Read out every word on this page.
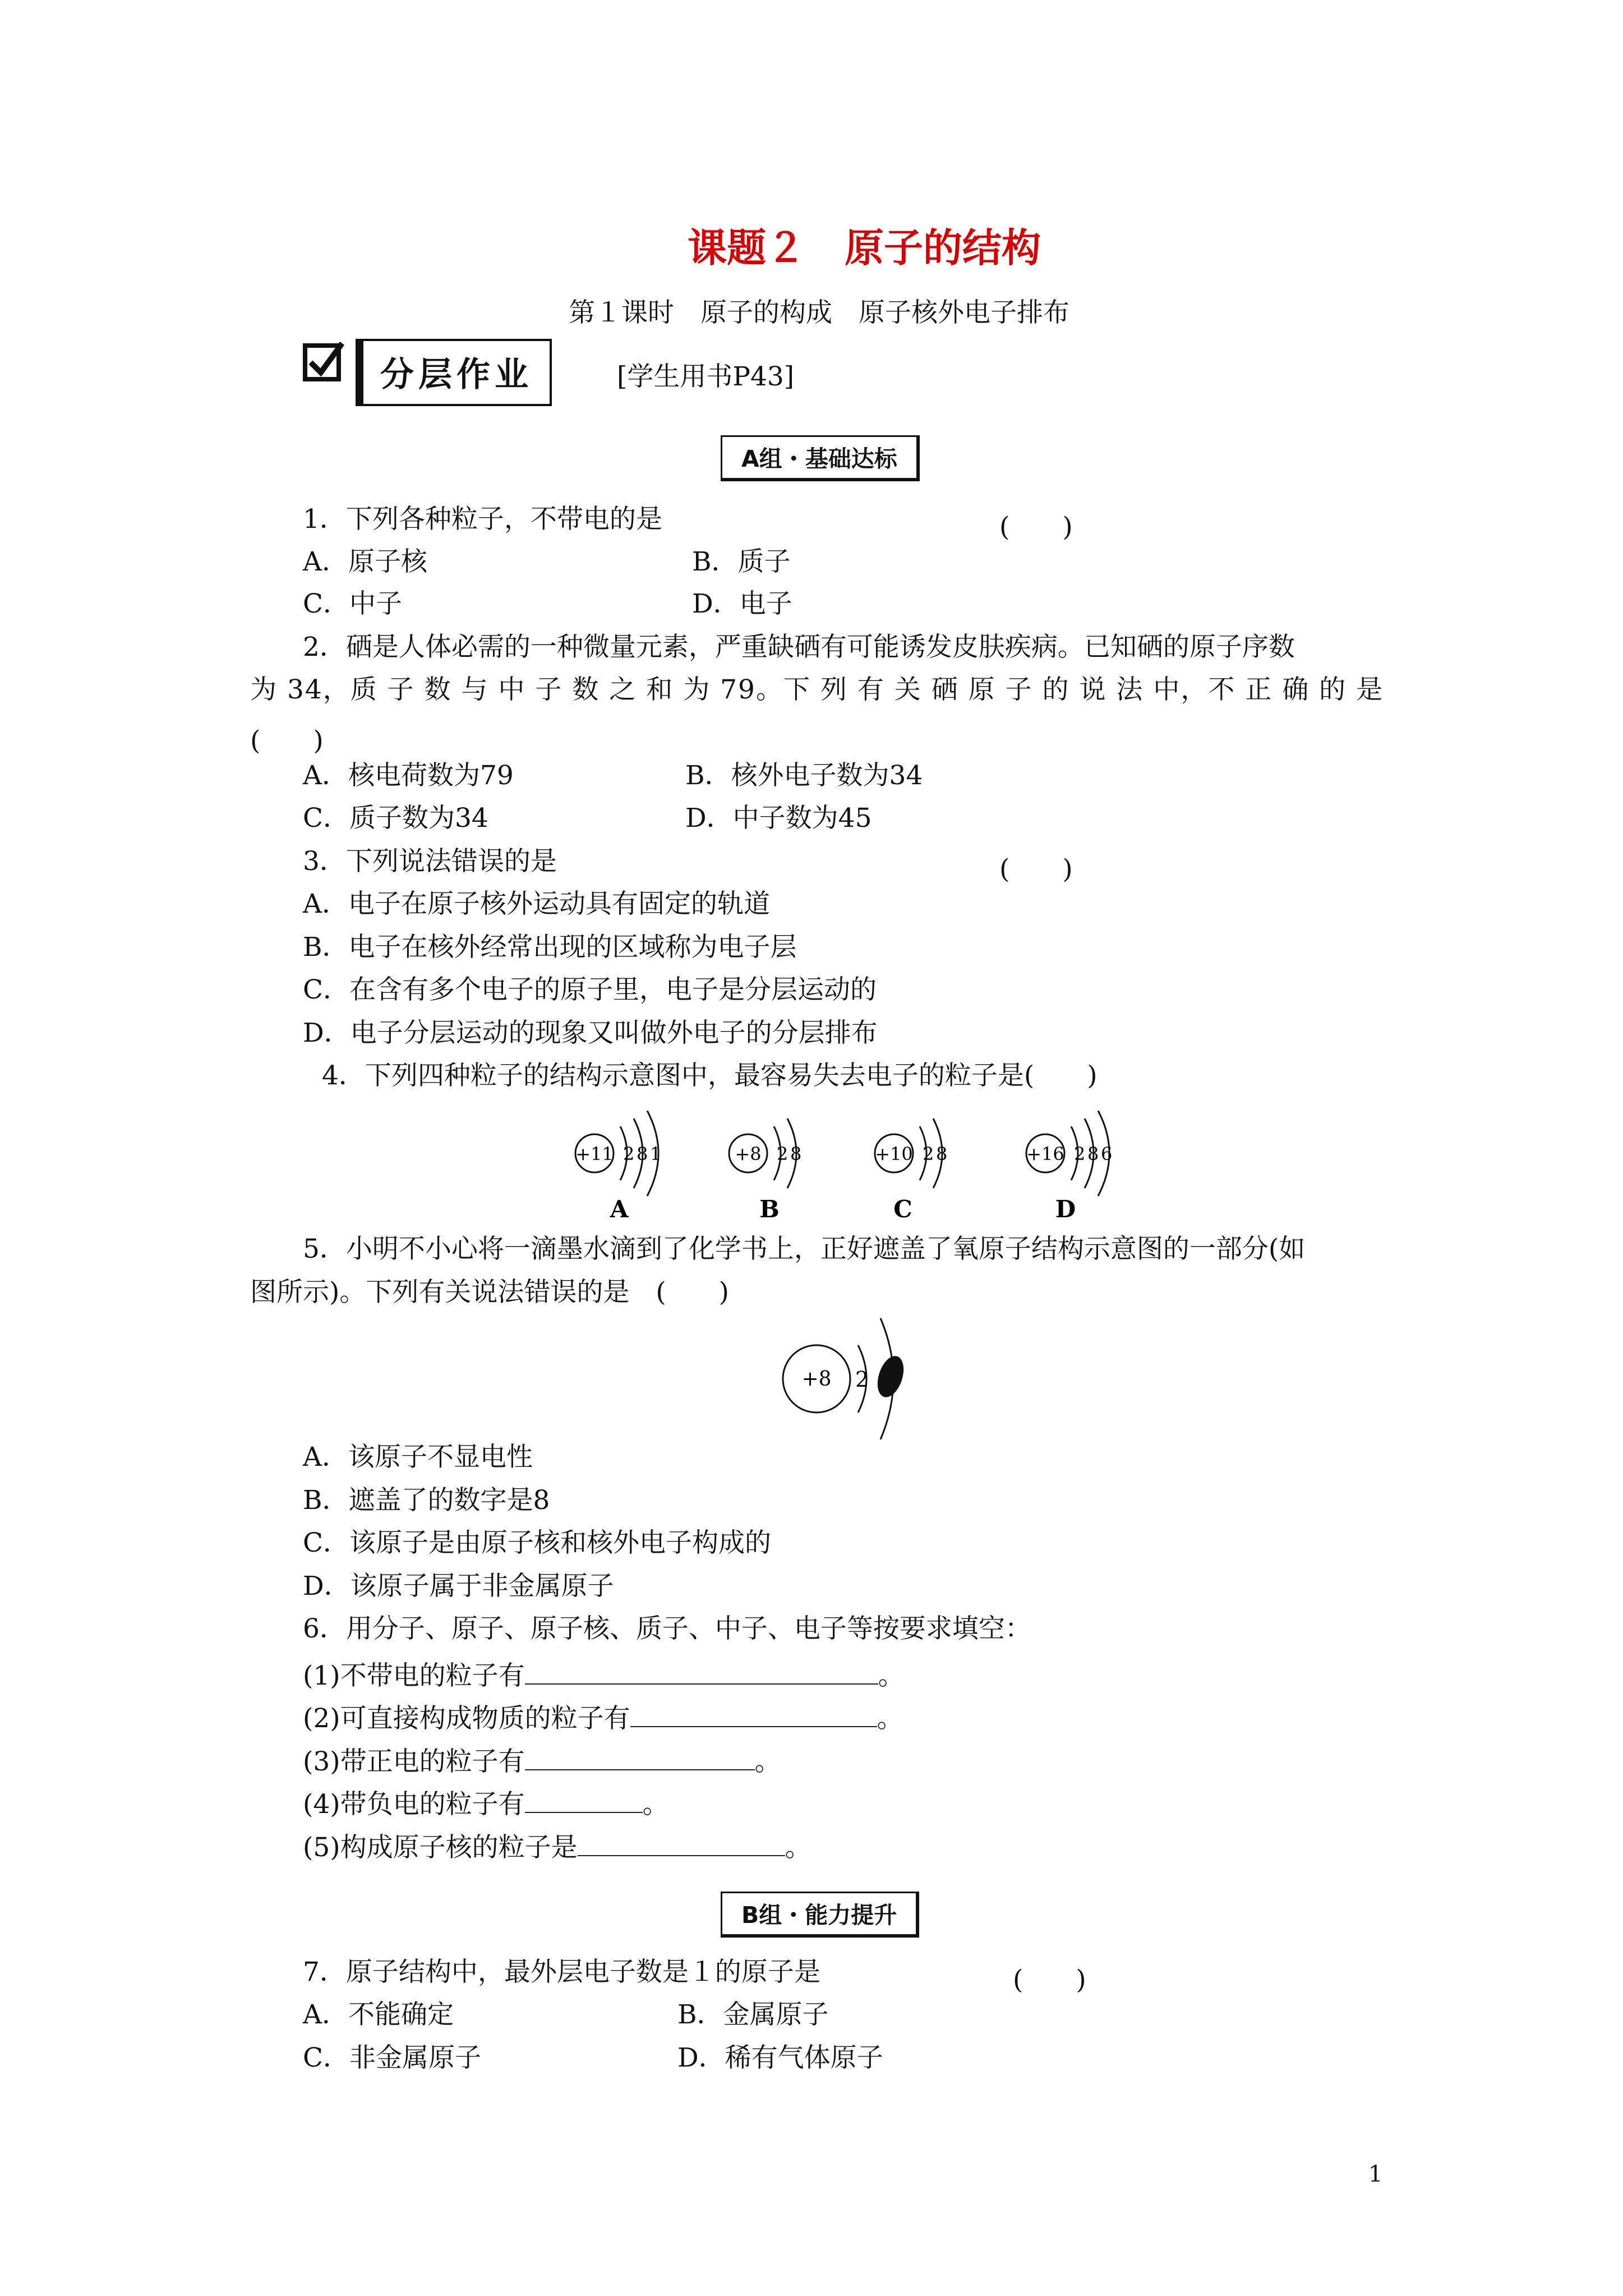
课题２　原子的结构
第１课时　原子的构成　原子核外电子排布
分层作业	[学生用书P43]
A组・基础达标
1．下列各种粒子，不带电的是	(　　)
A．原子核	B．质子
C．中子	D．电子
2．硒是人体必需的一种微量元素，严重缺硒有可能诱发皮肤疾病。已知硒的原子序数
为 34，质 子 数 与 中 子 数 之 和 为 79。下 列 有 关 硒 原 子 的 说 法 中，不 正 确 的 是
(　　)
A．核电荷数为79	B．核外电子数为34
C．质子数为34	D．中子数为45
3．下列说法错误的是	(　　)
A．电子在原子核外运动具有固定的轨道
B．电子在核外经常出现的区域称为电子层
C．在含有多个电子的原子里，电子是分层运动的
D．电子分层运动的现象又叫做外电子的分层排布
4．下列四种粒子的结构示意图中，最容易失去电子的粒子是(　　)
+11 2 8 1
A
+8 2 8
B
+10 2 8
C
+16 2 8 6
D
5．小明不小心将一滴墨水滴到了化学书上，正好遮盖了氧原子结构示意图的一部分(如
图所示)。下列有关说法错误的是　(　　)
+8 2
A．该原子不显电性
B．遮盖了的数字是8
C．该原子是由原子核和核外电子构成的
D．该原子属于非金属原子
6．用分子、原子、原子核、质子、中子、电子等按要求填空：
(1)不带电的粒子有	。
(2)可直接构成物质的粒子有	。
(3)带正电的粒子有	。
(4)带负电的粒子有	。
(5)构成原子核的粒子是	。
B组・能力提升
7．原子结构中，最外层电子数是１的原子是	(　　)
A．不能确定	B．金属原子
C．非金属原子	D．稀有气体原子
1
